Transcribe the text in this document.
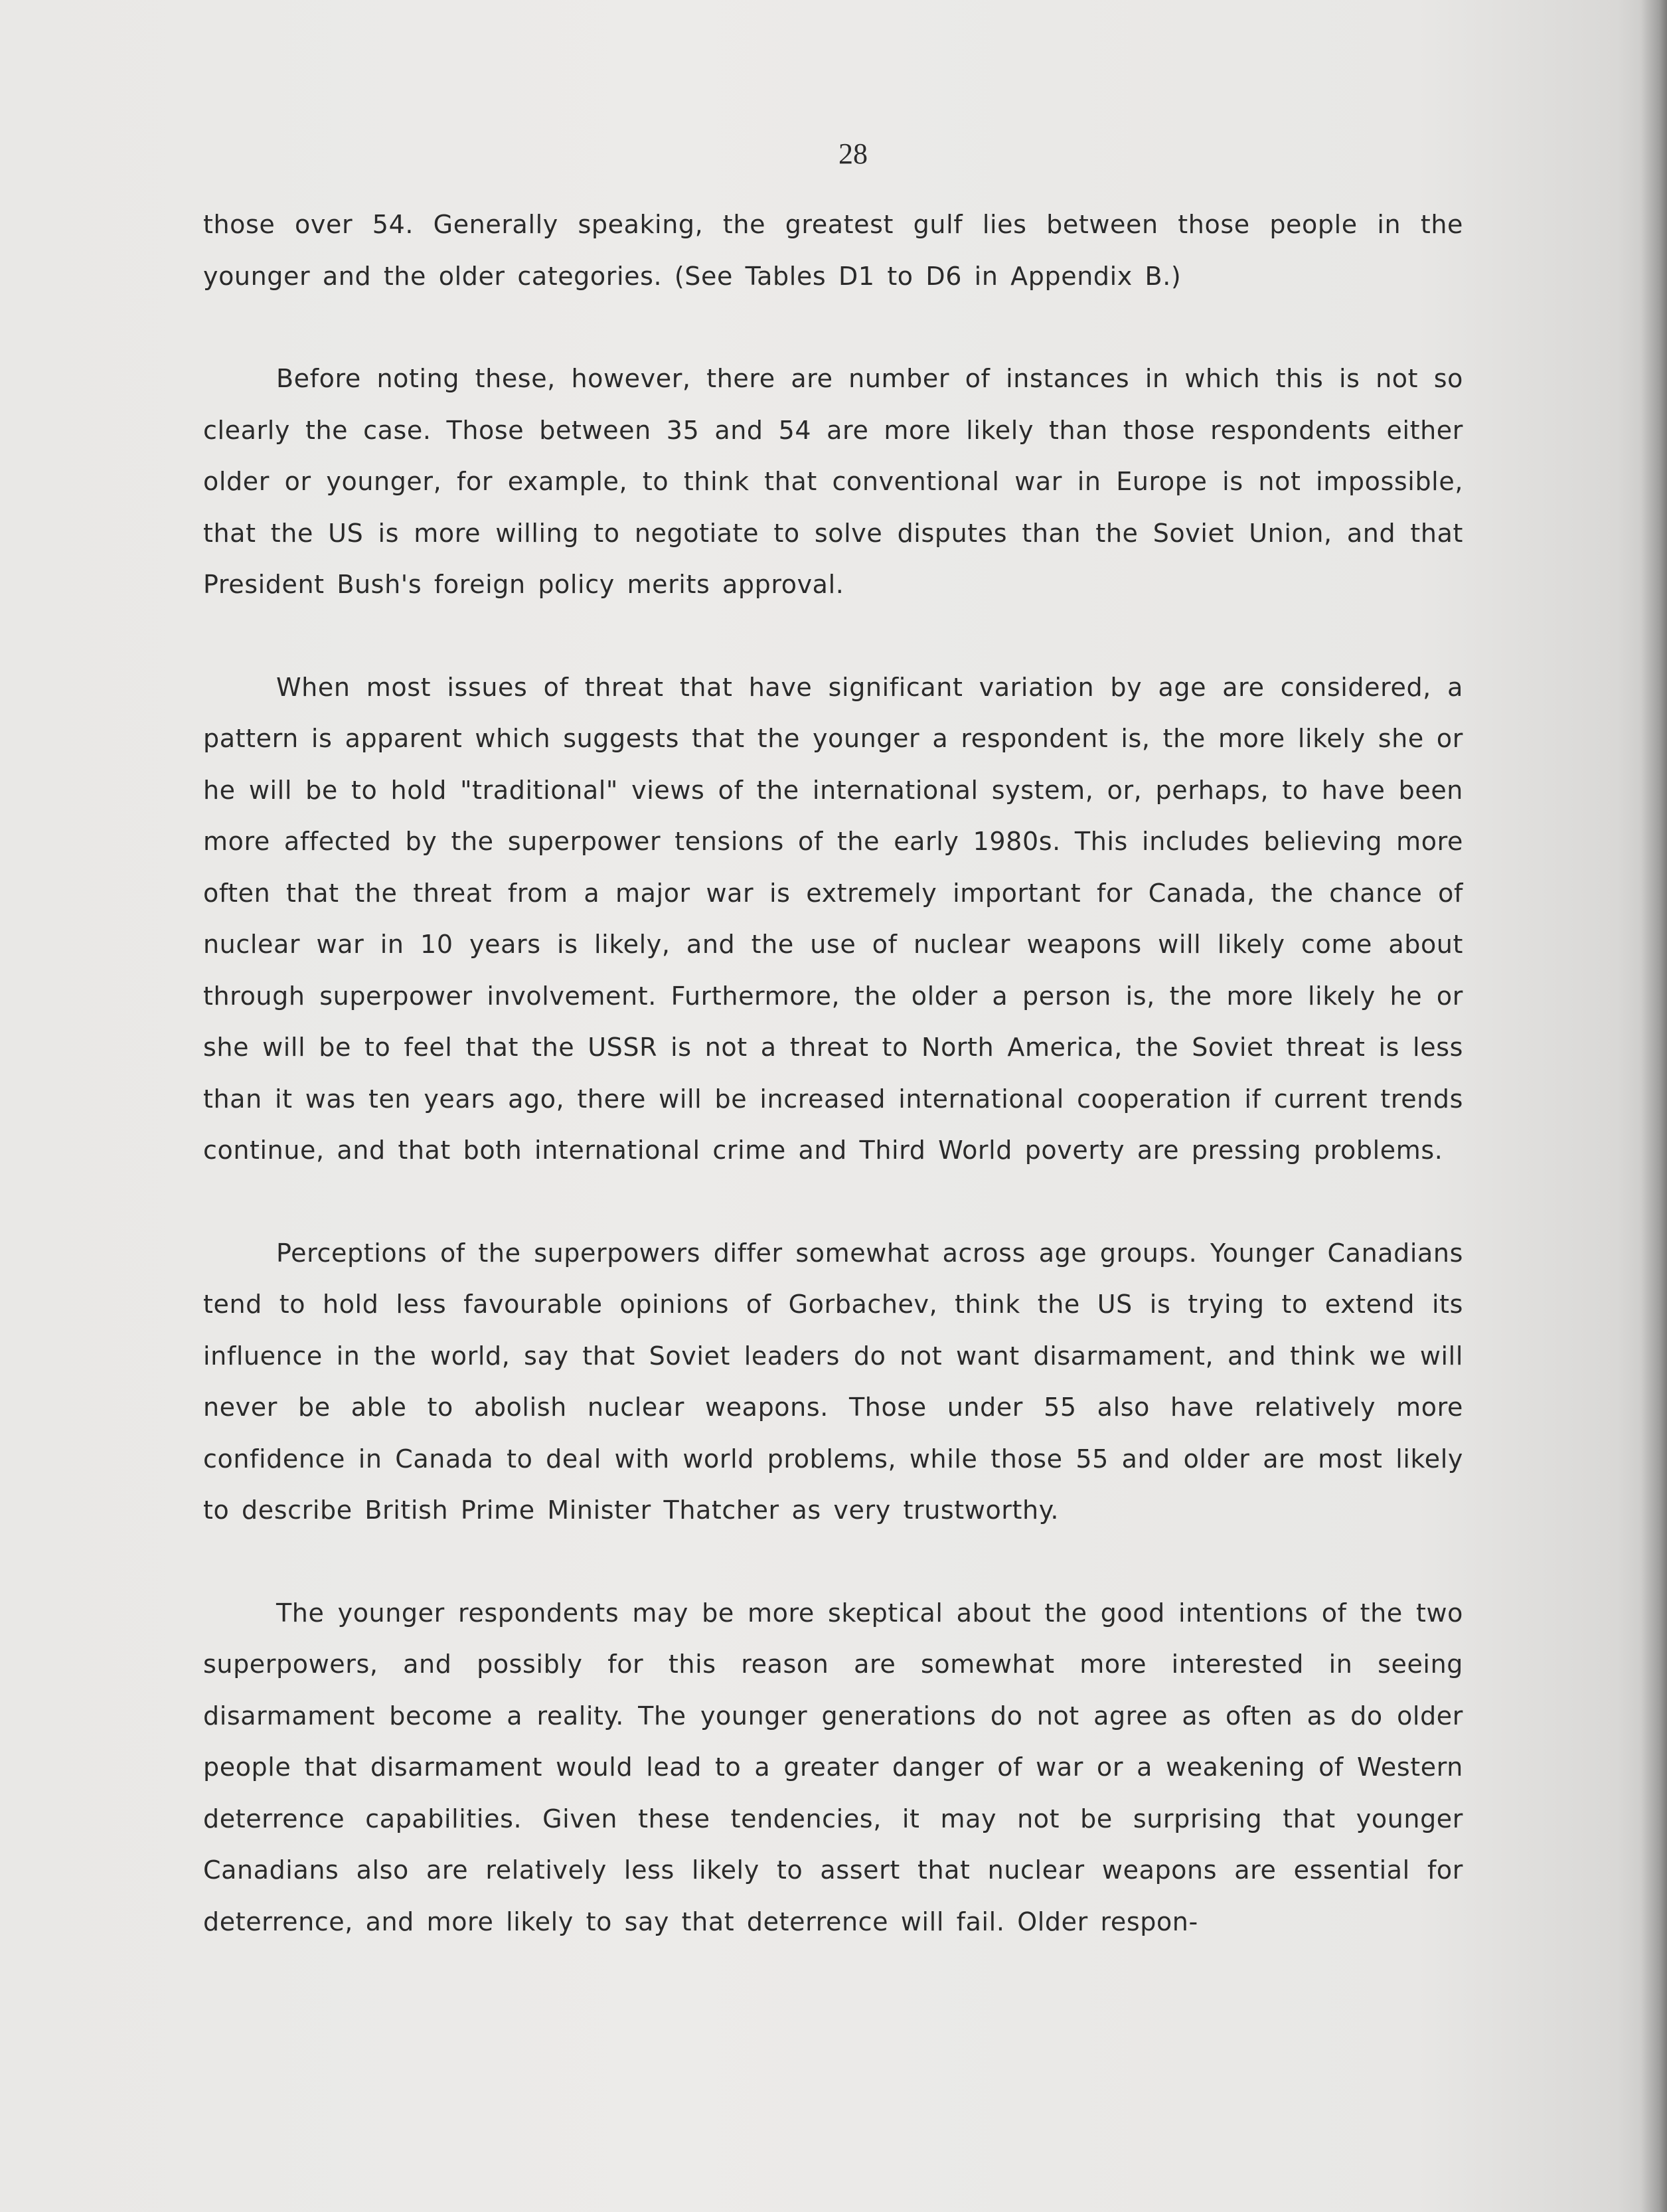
28

those over 54. Generally speaking, the greatest gulf lies between those people in the younger and the older categories. (See Tables D1 to D6 in Appendix B.)

Before noting these, however, there are number of instances in which this is not so clearly the case. Those between 35 and 54 are more likely than those respondents either older or younger, for example, to think that conventional war in Europe is not impossible, that the US is more willing to negotiate to solve disputes than the Soviet Union, and that President Bush's foreign policy merits approval.

When most issues of threat that have significant variation by age are considered, a pattern is apparent which suggests that the younger a respondent is, the more likely she or he will be to hold "traditional" views of the international system, or, perhaps, to have been more affected by the superpower tensions of the early 1980s. This includes believing more often that the threat from a major war is extremely important for Canada, the chance of nuclear war in 10 years is likely, and the use of nuclear weapons will likely come about through superpower involvement. Furthermore, the older a person is, the more likely he or she will be to feel that the USSR is not a threat to North America, the Soviet threat is less than it was ten years ago, there will be increased international cooperation if current trends continue, and that both international crime and Third World poverty are pressing problems.

Perceptions of the superpowers differ somewhat across age groups. Younger Canadians tend to hold less favourable opinions of Gorbachev, think the US is trying to extend its influence in the world, say that Soviet leaders do not want disarmament, and think we will never be able to abolish nuclear weapons. Those under 55 also have relatively more confidence in Canada to deal with world problems, while those 55 and older are most likely to describe British Prime Minister Thatcher as very trustworthy.

The younger respondents may be more skeptical about the good intentions of the two superpowers, and possibly for this reason are somewhat more interested in seeing disarmament become a reality. The younger generations do not agree as often as do older people that disarmament would lead to a greater danger of war or a weakening of Western deterrence capabilities. Given these tendencies, it may not be surprising that younger Canadians also are relatively less likely to assert that nuclear weapons are essential for deterrence, and more likely to say that deterrence will fail. Older respon-
